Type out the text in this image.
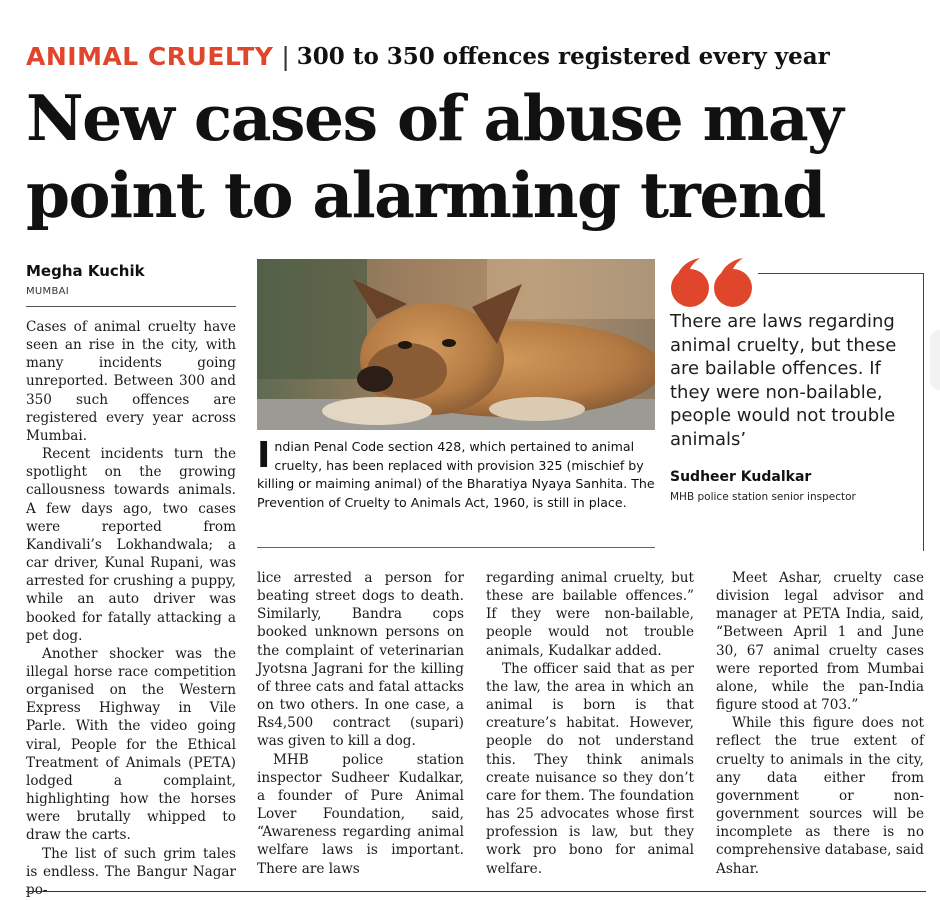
ANIMAL CRUELTY | 300 to 350 offences registered every year
New cases of abuse may
point to alarming trend
Megha Kuchik
MUMBAI

Cases of animal cruelty have seen an rise in the city, with many incidents going unreported. Between 300 and 350 such offences are registered every year across Mumbai.

Recent incidents turn the spotlight on the growing callousness towards animals. A few days ago, two cases were reported from Kandivali’s Lokhandwala; a car driver, Kunal Rupani, was arrested for crushing a puppy, while an auto driver was booked for fatally attacking a pet dog.

Another shocker was the illegal horse race competition organised on the Western Express Highway in Vile Parle. With the video going viral, People for the Ethical Treatment of Animals (PETA) lodged a complaint, highlighting how the horses were brutally whipped to draw the carts.

The list of such grim tales is endless. The Bangur Nagar po-

I ndian Penal Code section 428, which pertained to animal cruelty, has been replaced with provision 325 (mischief by killing or maiming animal) of the Bharatiya Nyaya Sanhita. The Prevention of Cruelty to Animals Act, 1960, is still in place.
There are laws regarding animal cruelty, but these are bailable offences. If they were non-bailable, people would not trouble animals’
Sudheer Kudalkar
MHB police station senior inspector

lice arrested a person for beating street dogs to death. Similarly, Bandra cops booked unknown persons on the complaint of veterinarian Jyotsna Jagrani for the killing of three cats and fatal attacks on two others. In one case, a Rs4,500 contract (supari) was given to kill a dog.

MHB police station inspector Sudheer Kudalkar, a founder of Pure Animal Lover Foundation, said, “Awareness regarding animal welfare laws is important. There are laws

regarding animal cruelty, but these are bailable offences.” If they were non-bailable, people would not trouble animals, Kudalkar added.

The officer said that as per the law, the area in which an animal is born is that creature’s habitat. However, people do not understand this. They think animals create nuisance so they don’t care for them. The foundation has 25 advocates whose first profession is law, but they work pro bono for animal welfare.

Meet Ashar, cruelty case division legal advisor and manager at PETA India, said, “Between April 1 and June 30, 67 animal cruelty cases were reported from Mumbai alone, while the pan-India figure stood at 703.”

While this figure does not reflect the true extent of cruelty to animals in the city, any data either from government or non-government sources will be incomplete as there is no comprehensive database, said Ashar.
